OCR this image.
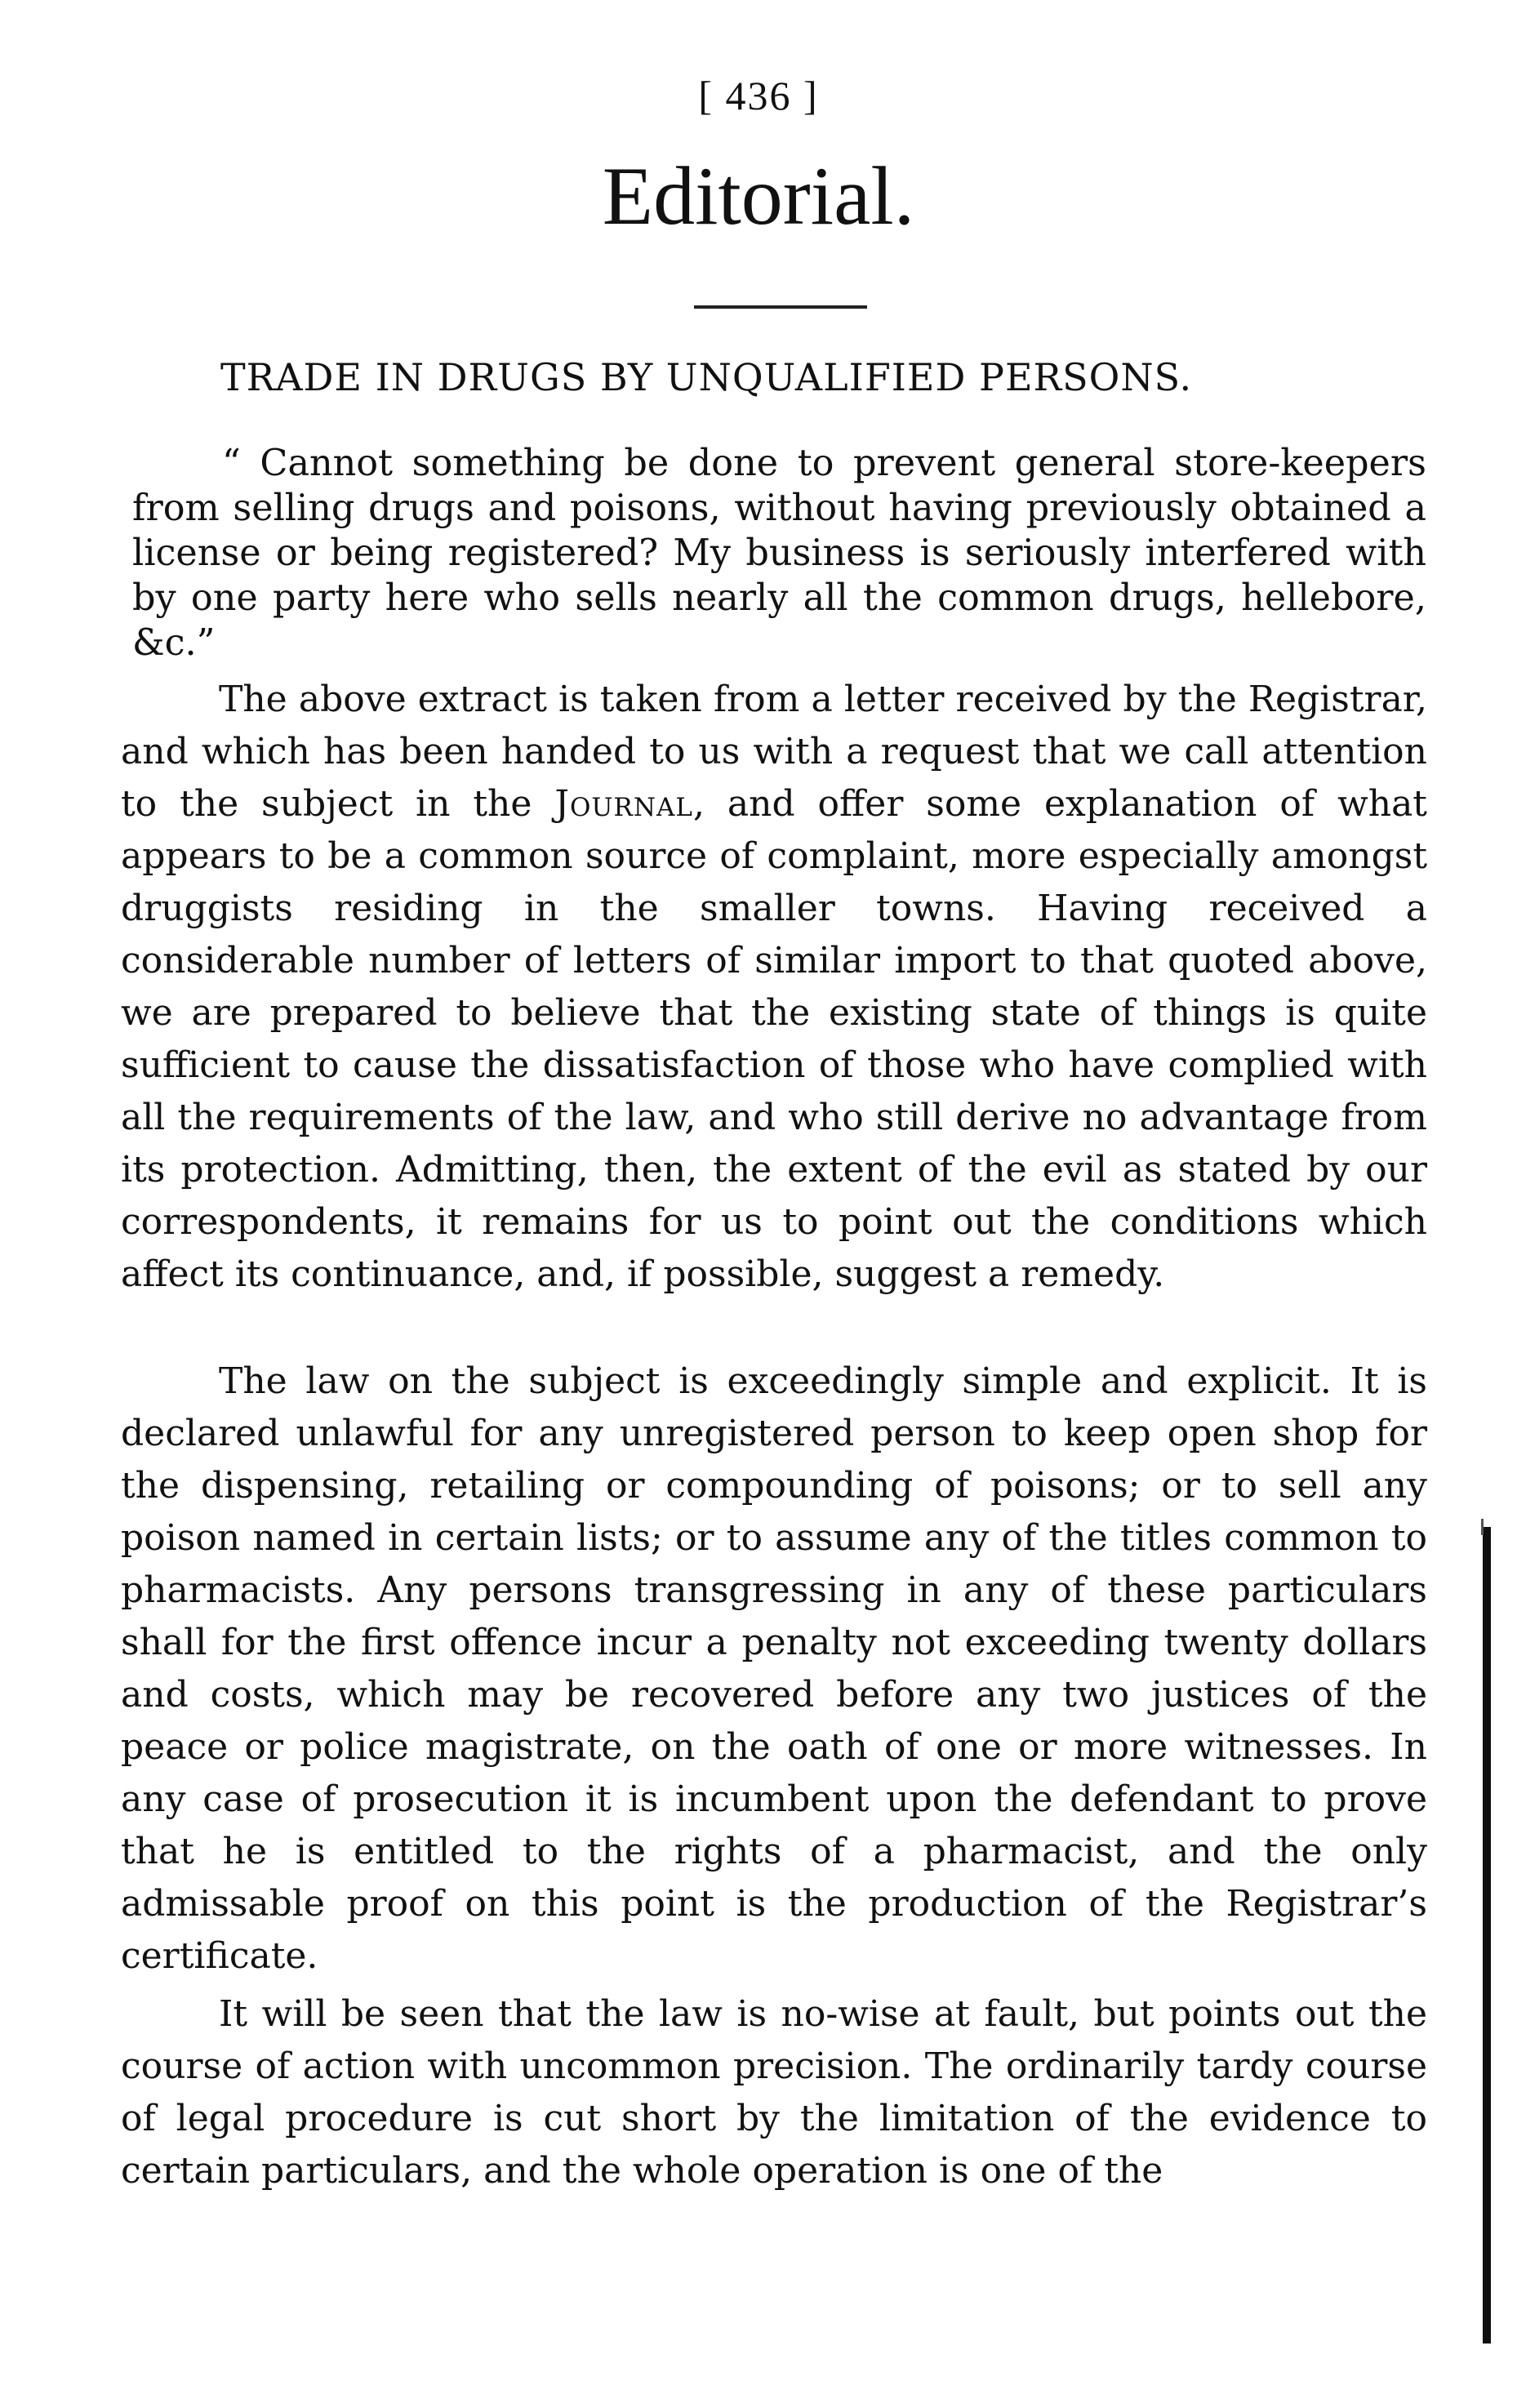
[ 436 ]
Editorial.
TRADE IN DRUGS BY UNQUALIFIED PERSONS.

“ Cannot something be done to prevent general store-keepers from selling drugs and poisons, without having previously obtained a license or being registered? My business is seriously interfered with by one party here who sells nearly all the common drugs, hellebore, &c.”

The above extract is taken from a letter received by the Registrar, and which has been handed to us with a request that we call attention to the subject in the Journal, and offer some explanation of what appears to be a common source of complaint, more especially amongst druggists residing in the smaller towns. Having received a considerable number of letters of similar import to that quoted above, we are prepared to believe that the existing state of things is quite sufficient to cause the dissatisfaction of those who have complied with all the requirements of the law, and who still derive no advantage from its protection. Admitting, then, the extent of the evil as stated by our correspondents, it remains for us to point out the conditions which affect its continuance, and, if possible, suggest a remedy.

The law on the subject is exceedingly simple and explicit. It is declared unlawful for any unregistered person to keep open shop for the dispensing, retailing or compounding of poisons; or to sell any poison named in certain lists; or to assume any of the titles common to pharmacists. Any persons transgressing in any of these particulars shall for the first offence incur a penalty not exceeding twenty dollars and costs, which may be recovered before any two justices of the peace or police magistrate, on the oath of one or more witnesses. In any case of prosecution it is incumbent upon the defendant to prove that he is entitled to the rights of a pharmacist, and the only admissable proof on this point is the production of the Registrar’s certificate.

It will be seen that the law is no-wise at fault, but points out the course of action with uncommon precision. The ordinarily tardy course of legal procedure is cut short by the limitation of the evidence to certain particulars, and the whole operation is one of the
